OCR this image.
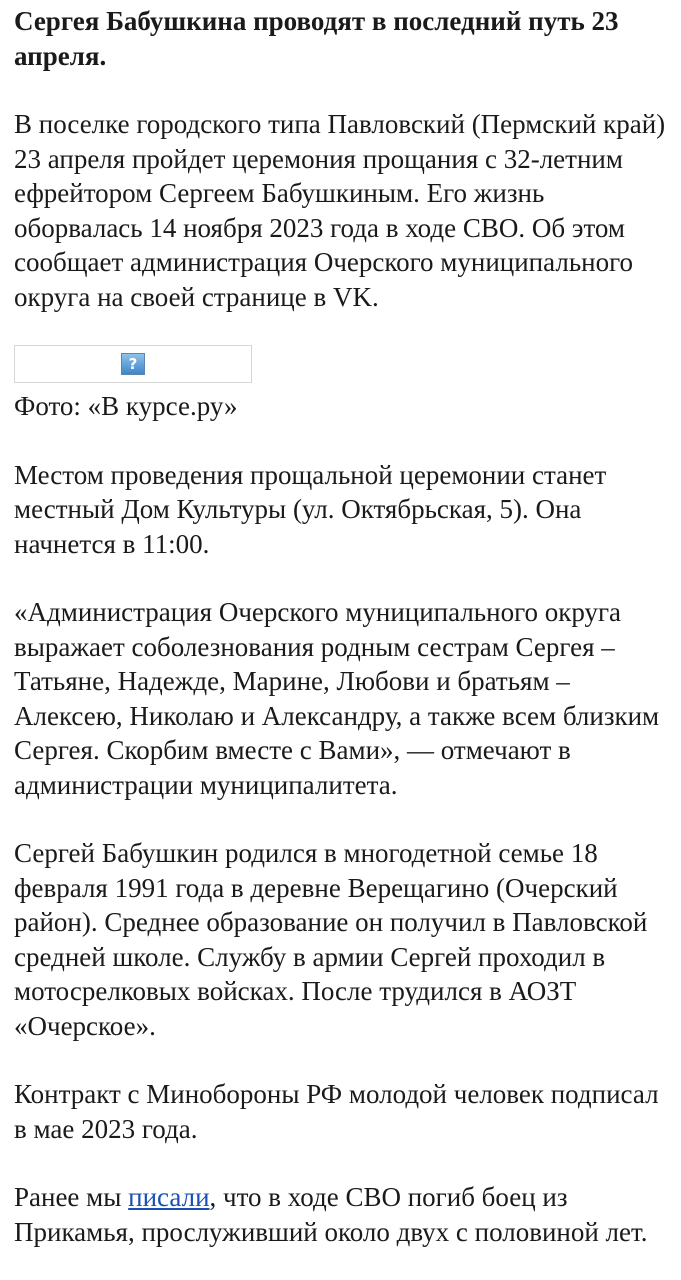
Сергея Бабушкина проводят в последний путь 23 апреля.

В поселке городского типа Павловский (Пермский край) 23 апреля пройдет церемония прощания с 32-летним ефрейтором Сергеем Бабушкиным. Его жизнь оборвалась 14 ноября 2023 года в ходе СВО. Об этом сообщает администрация Очерского муниципального округа на своей странице в VK.

?

Фото: «В курсе.ру»

Местом проведения прощальной церемонии станет местный Дом Культуры (ул. Октябрьская, 5). Она начнется в 11:00.

«Администрация Очерского муниципального округа выражает соболезнования родным сестрам Сергея – Татьяне, Надежде, Марине, Любови и братьям – Алексею, Николаю и Александру, а также всем близким Сергея. Скорбим вместе с Вами», — отмечают в администрации муниципалитета.

Сергей Бабушкин родился в многодетной семье 18 февраля 1991 года в деревне Верещагино (Очерский район). Среднее образование он получил в Павловской средней школе. Службу в армии Сергей проходил в мотосрелковых войсках. После трудился в АОЗТ «Очерское».

Контракт с Минобороны РФ молодой человек подписал в мае 2023 года.

Ранее мы писали, что в ходе СВО погиб боец из Прикамья, прослуживший около двух с половиной лет.
